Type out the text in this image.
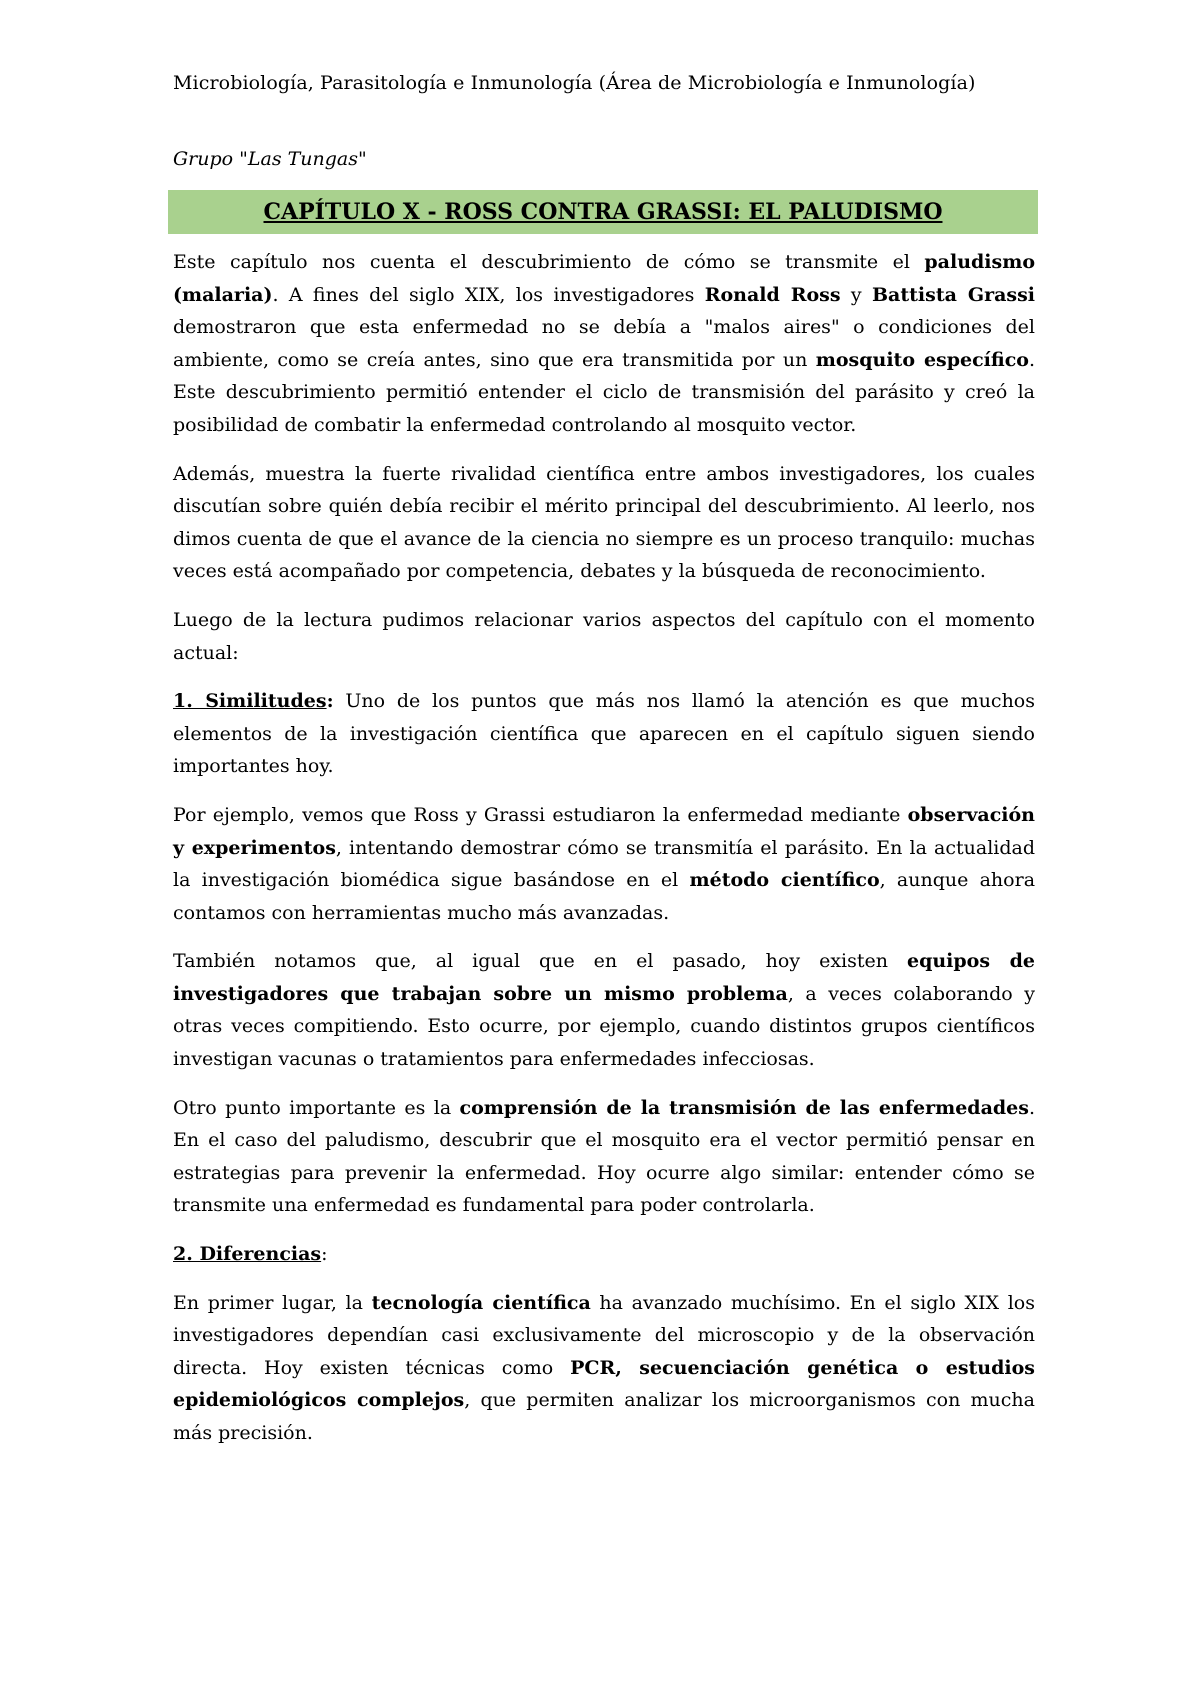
Microbiología, Parasitología e Inmunología (Área de Microbiología e Inmunología)
Grupo "Las Tungas"
CAPÍTULO X - ROSS CONTRA GRASSI: EL PALUDISMO

Este capítulo nos cuenta el descubrimiento de cómo se transmite el paludismo (malaria). A fines del siglo XIX, los investigadores Ronald Ross y Battista Grassi demostraron que esta enfermedad no se debía a "malos aires" o condiciones del ambiente, como se creía antes, sino que era transmitida por un mosquito específico. Este descubrimiento permitió entender el ciclo de transmisión del parásito y creó la posibilidad de combatir la enfermedad controlando al mosquito vector.

Además, muestra la fuerte rivalidad científica entre ambos investigadores, los cuales discutían sobre quién debía recibir el mérito principal del descubrimiento. Al leerlo, nos dimos cuenta de que el avance de la ciencia no siempre es un proceso tranquilo: muchas veces está acompañado por competencia, debates y la búsqueda de reconocimiento.

Luego de la lectura pudimos relacionar varios aspectos del capítulo con el momento actual:

1. Similitudes: Uno de los puntos que más nos llamó la atención es que muchos elementos de la investigación científica que aparecen en el capítulo siguen siendo importantes hoy.

Por ejemplo, vemos que Ross y Grassi estudiaron la enfermedad mediante observación y experimentos, intentando demostrar cómo se transmitía el parásito. En la actualidad la investigación biomédica sigue basándose en el método científico, aunque ahora contamos con herramientas mucho más avanzadas.

También notamos que, al igual que en el pasado, hoy existen equipos de investigadores que trabajan sobre un mismo problema, a veces colaborando y otras veces compitiendo. Esto ocurre, por ejemplo, cuando distintos grupos científicos investigan vacunas o tratamientos para enfermedades infecciosas.

Otro punto importante es la comprensión de la transmisión de las enfermedades. En el caso del paludismo, descubrir que el mosquito era el vector permitió pensar en estrategias para prevenir la enfermedad. Hoy ocurre algo similar: entender cómo se transmite una enfermedad es fundamental para poder controlarla.

2. Diferencias:

En primer lugar, la tecnología científica ha avanzado muchísimo. En el siglo XIX los investigadores dependían casi exclusivamente del microscopio y de la observación directa. Hoy existen técnicas como PCR, secuenciación genética o estudios epidemiológicos complejos, que permiten analizar los microorganismos con mucha más precisión.
